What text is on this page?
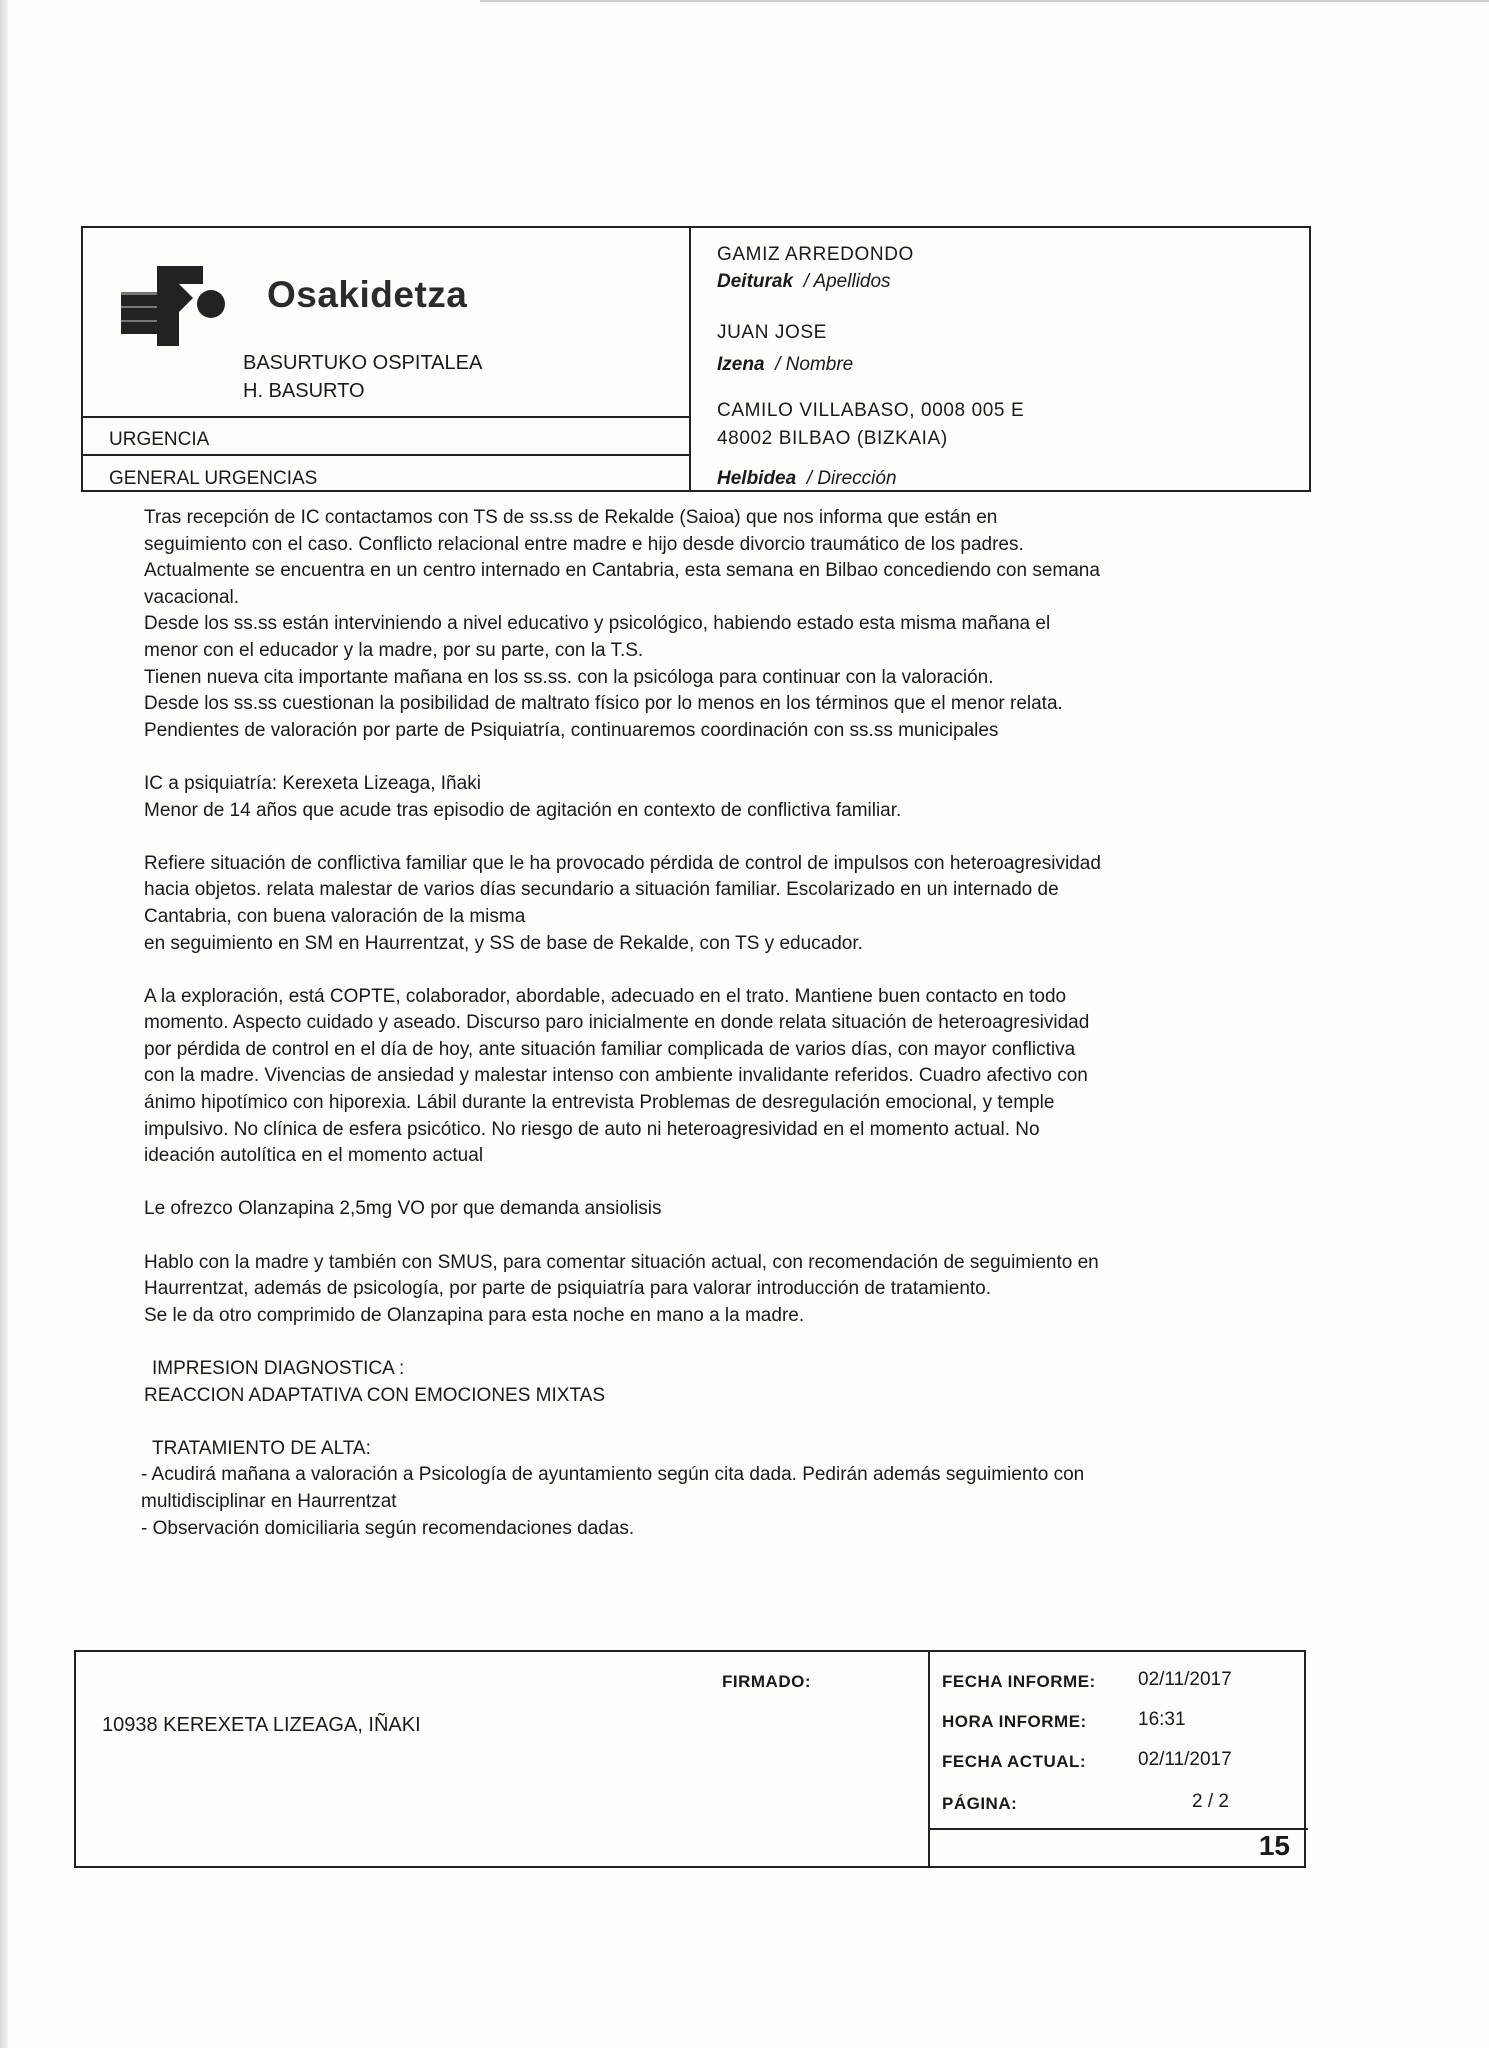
Osakidetza
BASURTUKO OSPITALEA
H. BASURTO
URGENCIA
GENERAL URGENCIAS
GAMIZ ARREDONDO
Deiturak / Apellidos
JUAN JOSE
Izena / Nombre
CAMILO VILLABASO, 0008 005 E
48002 BILBAO (BIZKAIA)
Helbidea / Dirección

Tras recepción de IC contactamos con TS de ss.ss de Rekalde (Saioa) que nos informa que están en

seguimiento con el caso. Conflicto relacional entre madre e hijo desde divorcio traumático de los padres.

Actualmente se encuentra en un centro internado en Cantabria, esta semana en Bilbao concediendo con semana

vacacional.

Desde los ss.ss están interviniendo a nivel educativo y psicológico, habiendo estado esta misma mañana el

menor con el educador y la madre, por su parte, con la T.S.

Tienen nueva cita importante mañana en los ss.ss. con la psicóloga para continuar con la valoración.

Desde los ss.ss cuestionan la posibilidad de maltrato físico por lo menos en los términos que el menor relata.

Pendientes de valoración por parte de Psiquiatría, continuaremos coordinación con ss.ss municipales

IC a psiquiatría: Kerexeta Lizeaga, Iñaki

Menor de 14 años que acude tras episodio de agitación en contexto de conflictiva familiar.

Refiere situación de conflictiva familiar que le ha provocado pérdida de control de impulsos con heteroagresividad

hacia objetos. relata malestar de varios días secundario a situación familiar. Escolarizado en un internado de

Cantabria, con buena valoración de la misma

en seguimiento en SM en Haurrentzat, y SS de base de Rekalde, con TS y educador.

A la exploración, está COPTE, colaborador, abordable, adecuado en el trato. Mantiene buen contacto en todo

momento. Aspecto cuidado y aseado. Discurso paro inicialmente en donde relata situación de heteroagresividad

por pérdida de control en el día de hoy, ante situación familiar complicada de varios días, con mayor conflictiva

con la madre. Vivencias de ansiedad y malestar intenso con ambiente invalidante referidos. Cuadro afectivo con

ánimo hipotímico con hiporexia. Lábil durante la entrevista Problemas de desregulación emocional, y temple

impulsivo. No clínica de esfera psicótico. No riesgo de auto ni heteroagresividad en el momento actual. No

ideación autolítica en el momento actual

Le ofrezco Olanzapina 2,5mg VO por que demanda ansiolisis

Hablo con la madre y también con SMUS, para comentar situación actual, con recomendación de seguimiento en

Haurrentzat, además de psicología, por parte de psiquiatría para valorar introducción de tratamiento.

Se le da otro comprimido de Olanzapina para esta noche en mano a la madre.

IMPRESION DIAGNOSTICA :

REACCION ADAPTATIVA CON EMOCIONES MIXTAS

TRATAMIENTO DE ALTA:

- Acudirá mañana a valoración a Psicología de ayuntamiento según cita dada. Pedirán además seguimiento con

multidisciplinar en Haurrentzat

- Observación domiciliaria según recomendaciones dadas.

10938 KEREXETA LIZEAGA, IÑAKI
FIRMADO:	FECHA INFORME: 02/11/2017
HORA INFORME:	16:31
FECHA ACTUAL:	02/11/2017
PÁGINA:	2 / 2
15
